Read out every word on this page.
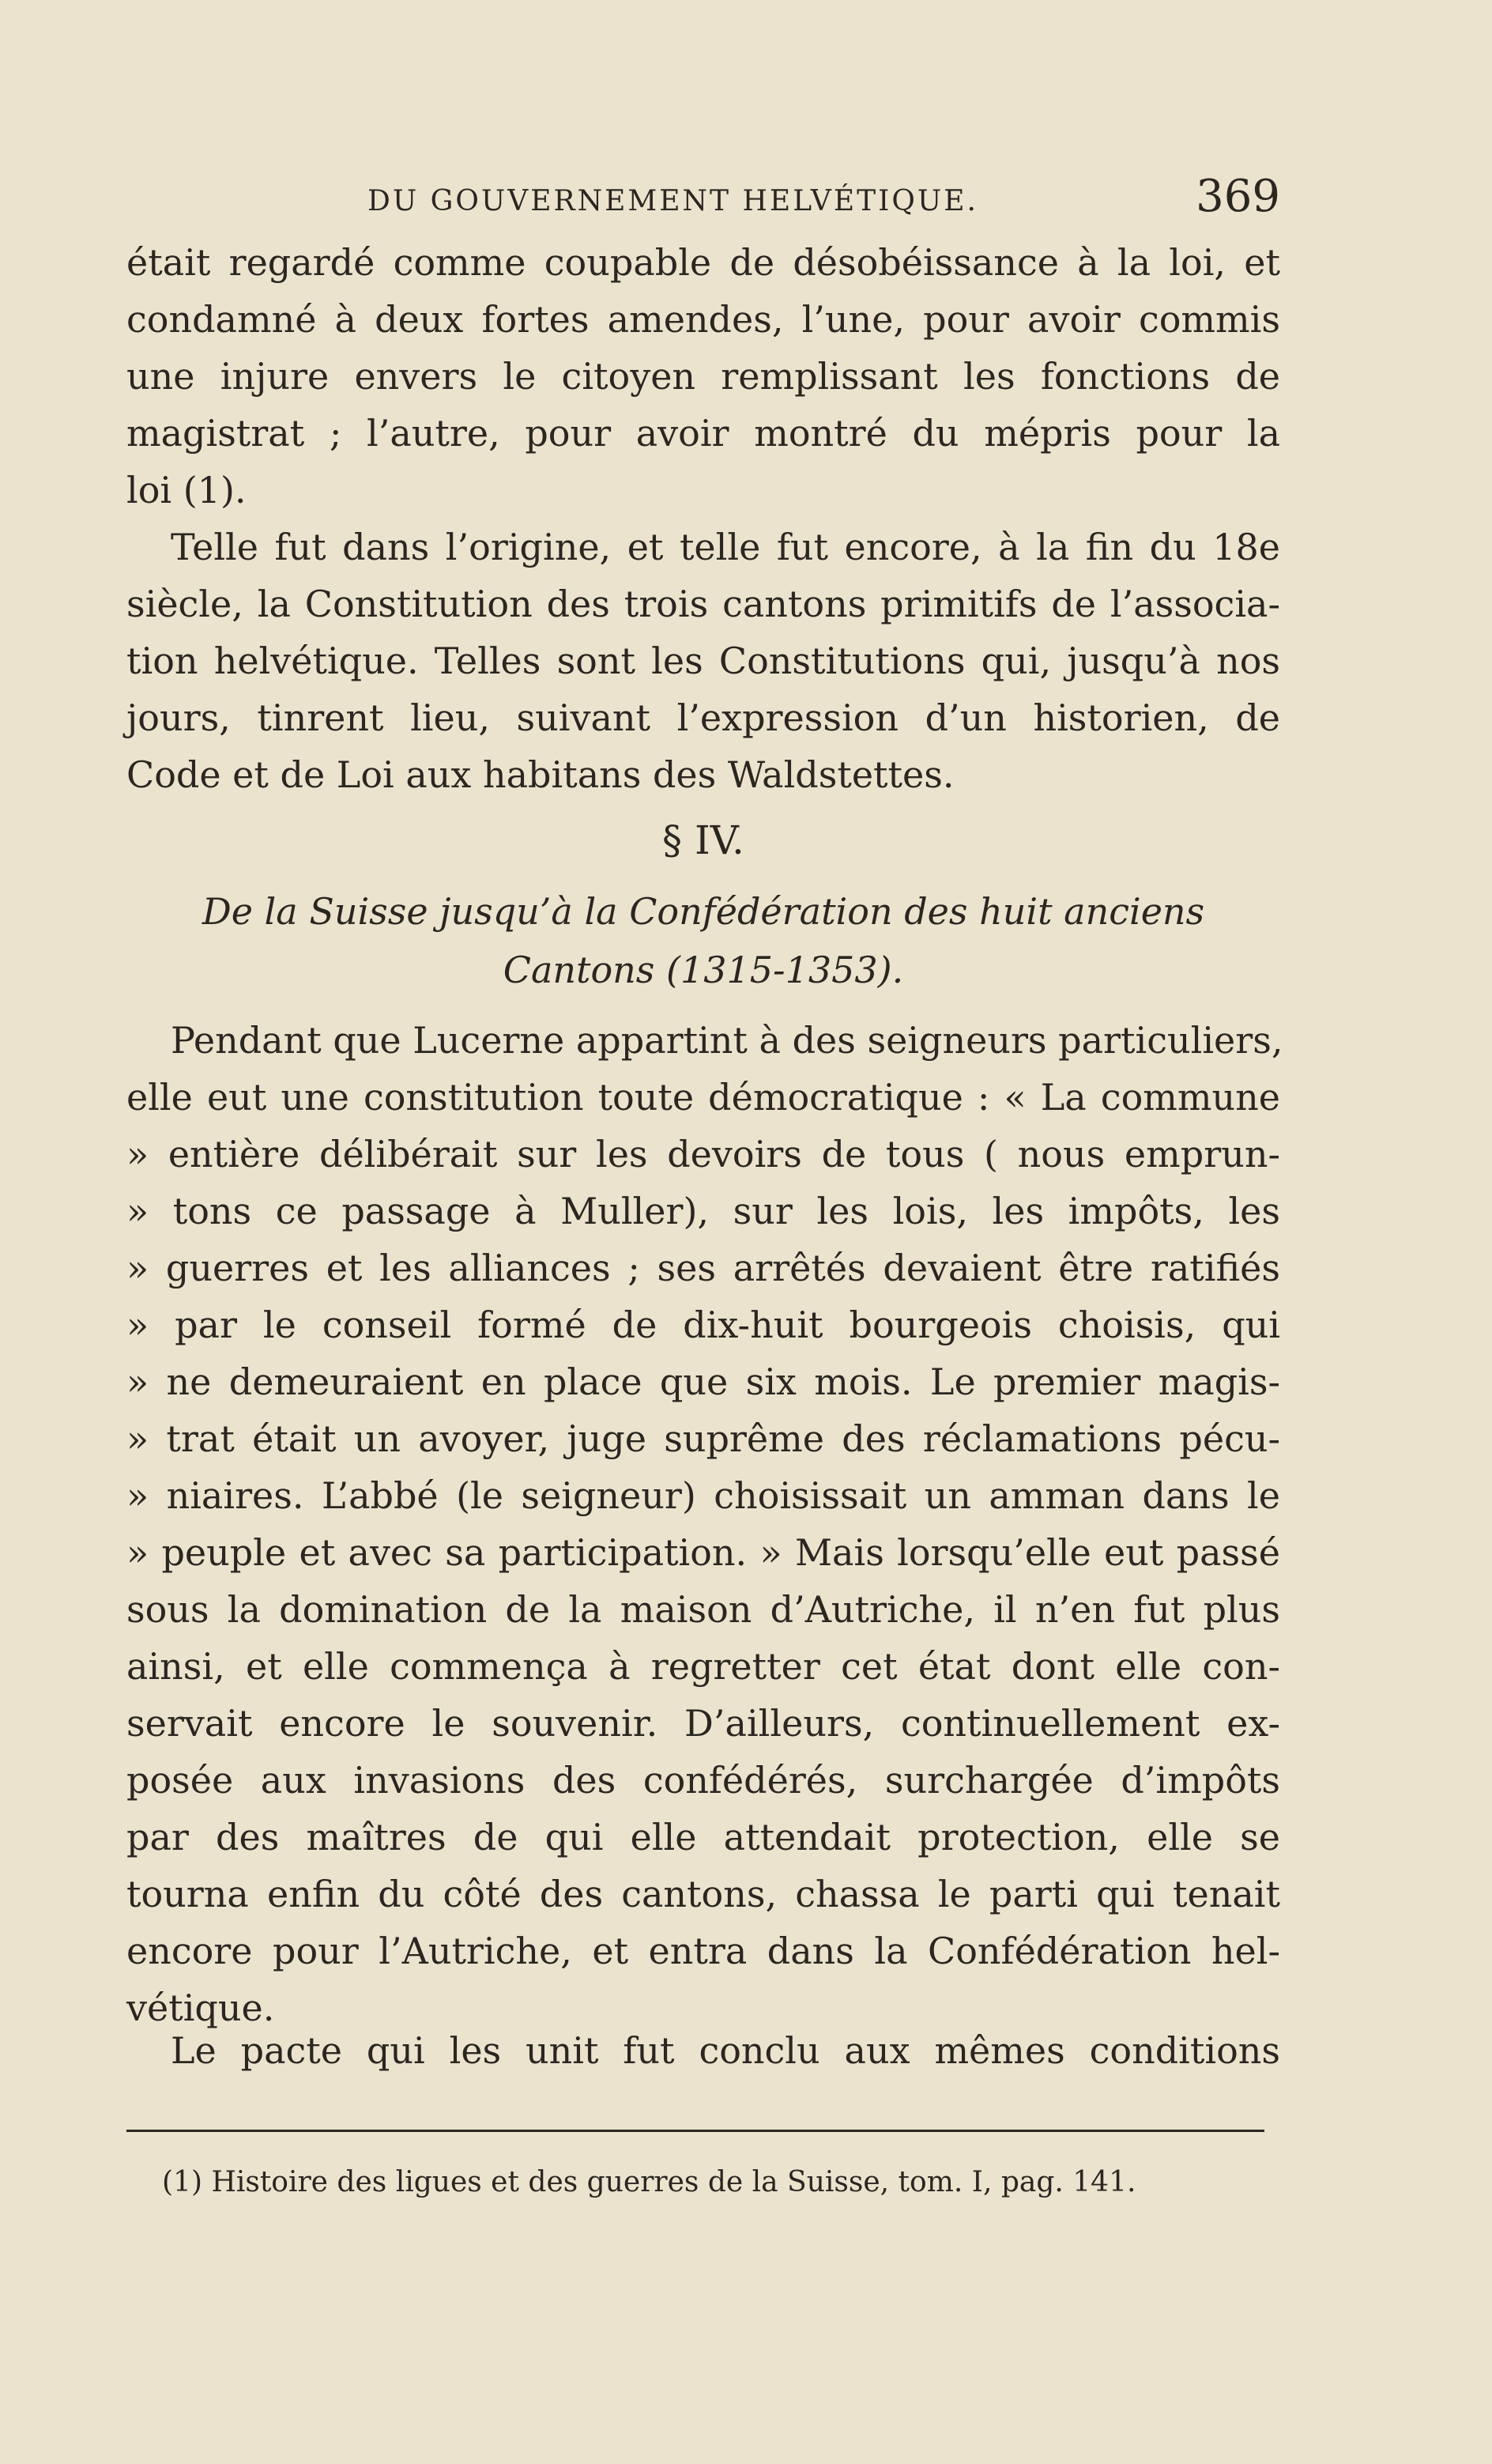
DU GOUVERNEMENT HELVÉTIQUE.	369
était regardé comme coupable de désobéissance à la loi, et
condamné à deux fortes amendes, l’une, pour avoir commis
une injure envers le citoyen remplissant les fonctions de
magistrat ; l’autre, pour avoir montré du mépris pour la
loi (1).
Telle fut dans l’origine, et telle fut encore, à la fin du 18e
siècle, la Constitution des trois cantons primitifs de l’associa-
tion helvétique. Telles sont les Constitutions qui, jusqu’à nos
jours, tinrent lieu, suivant l’expression d’un historien, de
Code et de Loi aux habitans des Waldstettes.
§ IV.
De la Suisse jusqu’à la Confédération des huit anciens
Cantons (1315-1353).
Pendant que Lucerne appartint à des seigneurs particuliers,
elle eut une constitution toute démocratique : « La commune
» entière délibérait sur les devoirs de tous ( nous emprun-
» tons ce passage à Muller), sur les lois, les impôts, les
» guerres et les alliances ; ses arrêtés devaient être ratifiés
» par le conseil formé de dix-huit bourgeois choisis, qui
» ne demeuraient en place que six mois. Le premier magis-
» trat était un avoyer, juge suprême des réclamations pécu-
» niaires. L’abbé (le seigneur) choisissait un amman dans le
» peuple et avec sa participation. » Mais lorsqu’elle eut passé
sous la domination de la maison d’Autriche, il n’en fut plus
ainsi, et elle commença à regretter cet état dont elle con-
servait encore le souvenir. D’ailleurs, continuellement ex-
posée aux invasions des confédérés, surchargée d’impôts
par des maîtres de qui elle attendait protection, elle se
tourna enfin du côté des cantons, chassa le parti qui tenait
encore pour l’Autriche, et entra dans la Confédération hel-
vétique.
Le pacte qui les unit fut conclu aux mêmes conditions
(1) Histoire des ligues et des guerres de la Suisse, tom. I, pag. 141.
